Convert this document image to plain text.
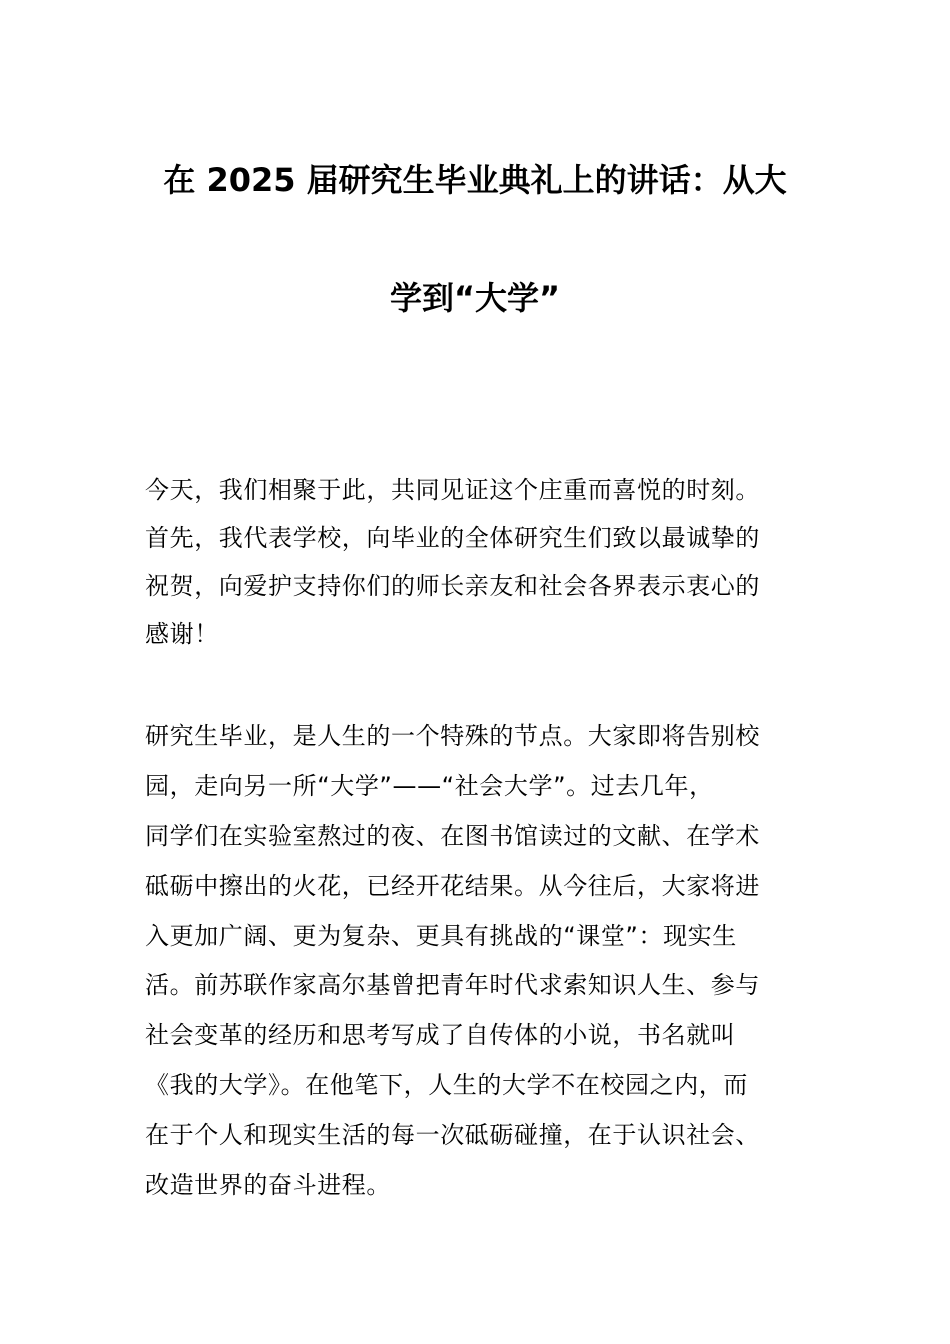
在 2025 届研究生毕业典礼上的讲话：从大
学到“大学”
今天，我们相聚于此，共同见证这个庄重而喜悦的时刻。
首先，我代表学校，向毕业的全体研究生们致以最诚挚的
祝贺，向爱护支持你们的师长亲友和社会各界表示衷心的
感谢！
研究生毕业，是人生的一个特殊的节点。大家即将告别校
园，走向另一所“大学”——“社会大学”。过去几年，
同学们在实验室熬过的夜、在图书馆读过的文献、在学术
砥砺中擦出的火花，已经开花结果。从今往后，大家将进
入更加广阔、更为复杂、更具有挑战的“课堂”：现实生
活。前苏联作家高尔基曾把青年时代求索知识人生、参与
社会变革的经历和思考写成了自传体的小说，书名就叫
《我的大学》。在他笔下，人生的大学不在校园之内，而
在于个人和现实生活的每一次砥砺碰撞，在于认识社会、
改造世界的奋斗进程。
